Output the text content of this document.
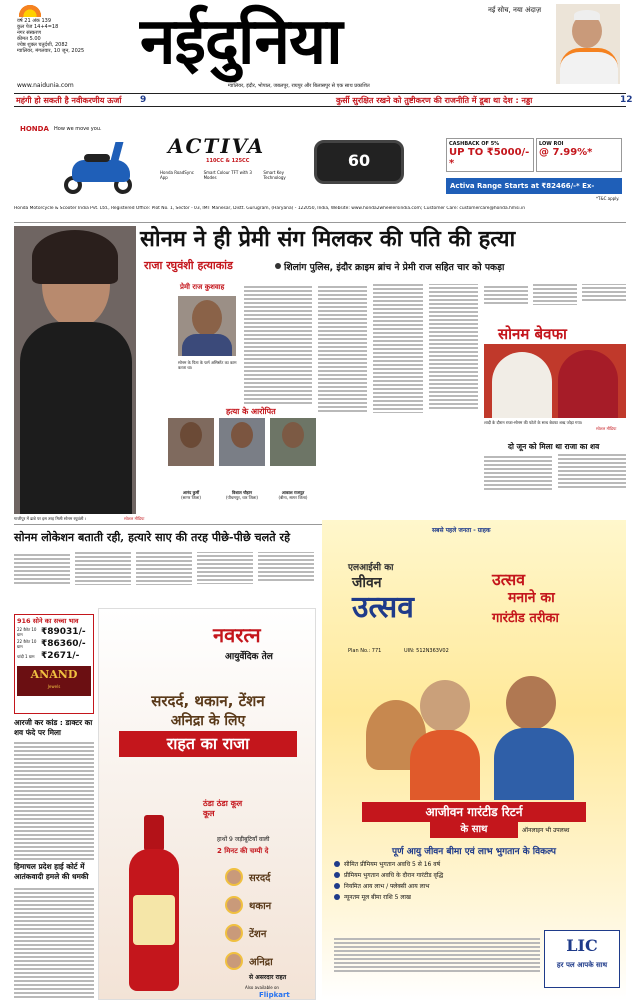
वर्ष 21 अंक 139
कुल पेज 14+4=18
नगर संस्करण
कीमत 5.00
ज्येष्ठ शुक्ल चतुर्दशी, 2082
ग्वालियर, मंगलवार, 10 जून, 2025 नईदुनिया	नई सोच, नया अंदाज़
ग्वालियर, इंदौर, भोपाल, जबलपुर, रायपुर और बिलासपुर से एक साथ प्रकाशित
www.naidunia.com
महंगी हो सकती है नवीकरणीय ऊर्जा 9	कुर्सी सुरक्षित रखने को तुष्टीकरण की राजनीति में डूबा था देश : नड्डा	12
HONDA How we move you.
ACTIVA
110CC & 125CC
Honda RoadSync App
Smart Colour TFT with 3 Modes
Smart Key Technology
60
CASHBACK OF 5%
UP TO ₹5000/-*
LOW ROI
@ 7.99%*
Activa Range Starts at ₹82466/-* Ex-showroom	*T&C apply.
Honda Motorcycle & Scooter India Pvt. Ltd., Registered Office: Plot No. 1, Sector - 03, IMT Manesar, Distt. Gurugram, (Haryana) - 122050, India, Website: www.honda2wheelersindia.com; Customer Care: customercare@honda.hmsi.in
सोनम ने ही प्रेमी संग मिलकर की पति की हत्या
राजा रघुवंशी हत्याकांड	शिलांग पुलिस, इंदौर क्राइम ब्रांच ने प्रेमी राज सहित चार को पकड़ा
गाजीपुर में ढाबे पर इस तरह मिली सोनम रघुवंशी ।	सोशल मीडिया
प्रेमी राज कुशवाह
सोनम के पिता के फर्म असिस्टेंट का काम करता था।
हत्या के आरोपित
आनंद कुर्मी
(सागर जिला)
विशाल चौहान
(पीथमपुर, धार जिला)
आकाश राजपूत
(बीना, सागर जिला)
सोनम बेवफा
शादी के दौरान राजा-सोनम की फोटो के साथ बेवफा शब्द जोड़ा गया।
सोशल मीडिया
दो जून को मिला था राजा का शव
सोनम लोकेशन बताती रही, हत्यारे साए की तरह पीछे-पीछे चलते रहे
916 सोने का सच्चा भाव
22 कैरेट 10 ग्राम	₹89031/-
22 कैरेट 10 ग्राम	₹86360/-
चांदी 1 ग्राम ₹2671/-
ANAND
Jewels
आरजी कर कांड : डाक्टर का शव फंदे पर मिला
हिमाचल प्रदेश हाई कोर्ट में आतंकवादी हमले की धमकी
नवरत्न
आयुर्वेदिक तेल
सरदर्द, थकान, टेंशन
अनिद्रा के लिए
राहत का राजा
ठंडा ठंडा कूल कूल
हाथों 9 जड़ीबूटियाँ वाली
2 मिनट की चम्पी दे
सरदर्द
थकान
टेंशन
अनिद्रा
से असरदार राहत
Also available on
Flipkart
सबसे पहले जनता - ग्राहक
एलआईसी का
जीवन
उत्सव
Plan No.: 771	UIN: 512N363V02
उत्सव
मनाने का
गारंटीड तरीका
आजीवन गारंटीड रिटर्न
के साथ	ऑनलाइन भी उपलब्ध
पूर्ण आयु जीवन बीमा एवं लाभ भुगतान के विकल्प
सीमित प्रीमियम भुगतान अवधि 5 से 16 वर्ष
प्रीमियम भुगतान अवधि के दौरान गारंटीड वृद्धि
नियमित आय लाभ / फ्लेक्सी आय लाभ
न्यूनतम मूल बीमा राशि 5 लाख
LIC
हर पल आपके साथ
